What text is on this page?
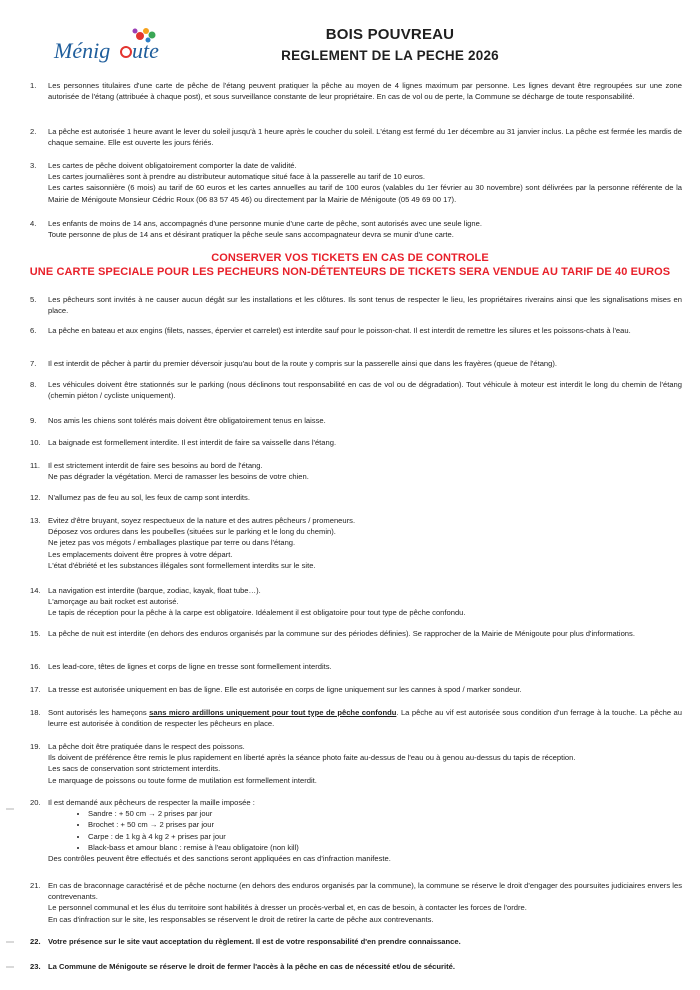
Ménig ute
BOIS POUVREAU
REGLEMENT DE LA PECHE 2026
1. Les personnes titulaires d'une carte de pêche de l'étang peuvent pratiquer la pêche au moyen de 4 lignes maximum par personne. Les lignes devant être regroupées sur une zone autorisée de l'étang (attribuée à chaque post), et sous surveillance constante de leur propriétaire. En cas de vol ou de perte, la Commune se décharge de toute responsabilité.

2. La pêche est autorisée 1 heure avant le lever du soleil jusqu'à 1 heure après le coucher du soleil. L'étang est fermé du 1er décembre au 31 janvier inclus. La pêche est fermée les mardis de chaque semaine. Elle est ouverte les jours fériés.

3. Les cartes de pêche doivent obligatoirement comporter la date de validité.

Les cartes journalières sont à prendre au distributeur automatique situé face à la passerelle au tarif de 10 euros.

Les cartes saisonnière (6 mois) au tarif de 60 euros et les cartes annuelles au tarif de 100 euros (valables du 1er février au 30 novembre) sont délivrées par la personne référente de la Mairie de Ménigoute Monsieur Cédric Roux (06 83 57 45 46) ou directement par la Mairie de Ménigoute (05 49 69 00 17).

4. Les enfants de moins de 14 ans, accompagnés d'une personne munie d'une carte de pêche, sont autorisés avec une seule ligne.

Toute personne de plus de 14 ans et désirant pratiquer la pêche seule sans accompagnateur devra se munir d'une carte.

CONSERVER VOS TICKETS EN CAS DE CONTROLE
UNE CARTE SPECIALE POUR LES PECHEURS NON-DÉTENTEURS DE TICKETS SERA VENDUE AU TARIF DE 40 EUROS
5. Les pêcheurs sont invités à ne causer aucun dégât sur les installations et les clôtures. Ils sont tenus de respecter le lieu, les propriétaires riverains ainsi que les signalisations mises en place.

6. La pêche en bateau et aux engins (filets, nasses, épervier et carrelet) est interdite sauf pour le poisson-chat. Il est interdit de remettre les silures et les poissons-chats à l'eau.

7. Il est interdit de pêcher à partir du premier déversoir jusqu'au bout de la route y compris sur la passerelle ainsi que dans les frayères (queue de l'étang).

8. Les véhicules doivent être stationnés sur le parking (nous déclinons tout responsabilité en cas de vol ou de dégradation). Tout véhicule à moteur est interdit le long du chemin de l'étang (chemin piéton / cycliste uniquement).

9. Nos amis les chiens sont tolérés mais doivent être obligatoirement tenus en laisse.

10. La baignade est formellement interdite. Il est interdit de faire sa vaisselle dans l'étang.

11. Il est strictement interdit de faire ses besoins au bord de l'étang.

Ne pas dégrader la végétation. Merci de ramasser les besoins de votre chien.

12. N'allumez pas de feu au sol, les feux de camp sont interdits.

13. Evitez d'être bruyant, soyez respectueux de la nature et des autres pêcheurs / promeneurs.

Déposez vos ordures dans les poubelles (situées sur le parking et le long du chemin).

Ne jetez pas vos mégots / emballages plastique par terre ou dans l'étang.

Les emplacements doivent être propres à votre départ.

L'état d'ébriété et les substances illégales sont formellement interdits sur le site.

14. La navigation est interdite (barque, zodiac, kayak, float tube…).

L'amorçage au bait rocket est autorisé.

Le tapis de réception pour la pêche à la carpe est obligatoire. Idéalement il est obligatoire pour tout type de pêche confondu.

15. La pêche de nuit est interdite (en dehors des enduros organisés par la commune sur des périodes définies). Se rapprocher de la Mairie de Ménigoute pour plus d'informations.

16. Les lead-core, têtes de lignes et corps de ligne en tresse sont formellement interdits.

17. La tresse est autorisée uniquement en bas de ligne. Elle est autorisée en corps de ligne uniquement sur les cannes à spod / marker sondeur.

18. Sont autorisés les hameçons sans micro ardillons uniquement pour tout type de pêche confondu. La pêche au vif est autorisée sous condition d'un ferrage à la touche. La pêche au leurre est autorisée à condition de respecter les pêcheurs en place.

19. La pêche doit être pratiquée dans le respect des poissons.

Ils doivent de préférence être remis le plus rapidement en liberté après la séance photo faite au-dessus de l'eau ou à genou au-dessus du tapis de réception.

Les sacs de conservation sont strictement interdits.

Le marquage de poissons ou toute forme de mutilation est formellement interdit.

20. Il est demandé aux pêcheurs de respecter la maille imposée :

• Sandre : + 50 cm → 2 prises par jour
• Brochet : + 50 cm → 2 prises par jour
• Carpe : de 1 kg à 4 kg 2 + prises par jour
• Black-bass et amour blanc : remise à l'eau obligatoire (non kill)

Des contrôles peuvent être effectués et des sanctions seront appliquées en cas d'infraction manifeste.

21. En cas de braconnage caractérisé et de pêche nocturne (en dehors des enduros organisés par la commune), la commune se réserve le droit d'engager des poursuites judiciaires envers les contrevenants.

Le personnel communal et les élus du territoire sont habilités à dresser un procès-verbal et, en cas de besoin, à contacter les forces de l'ordre.

En cas d'infraction sur le site, les responsables se réservent le droit de retirer la carte de pêche aux contrevenants.

22. Votre présence sur le site vaut acceptation du règlement. Il est de votre responsabilité d'en prendre connaissance.

23. La Commune de Ménigoute se réserve le droit de fermer l'accès à la pêche en cas de nécessité et/ou de sécurité.
